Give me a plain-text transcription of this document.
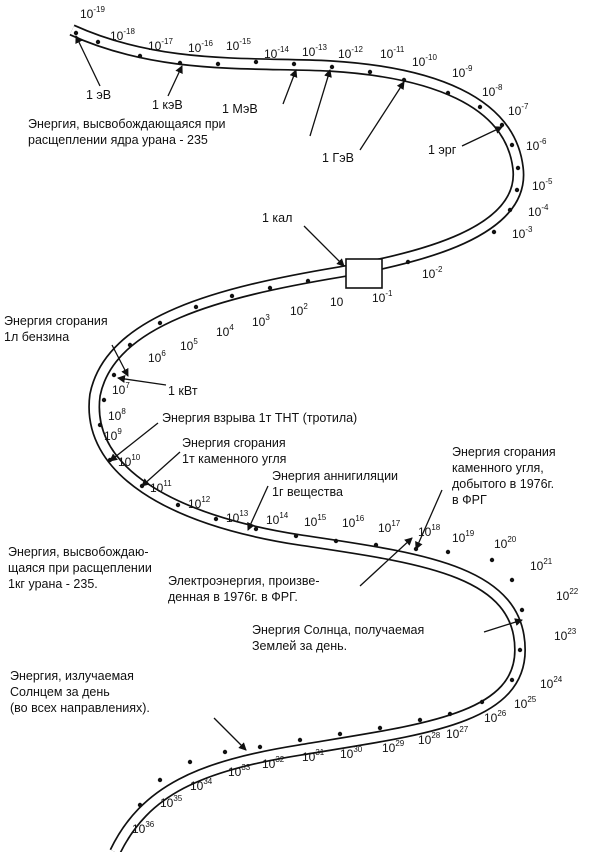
$10^{-19}$
$10^{-18}$
$10^{-17}$ $10^{-16}$ $10^{-15}$
$10^{-14}$ $10^{-13}$ $10^{-12}$ $10^{-11}$
$10^{-10}$
$10^{-9}$
$10^{-8}$
$10^{-7}$
$10^{-6}$
$10^{-5}$
$10^{-4}$
$10^{-3}$
$10^{-2}$
$10^{-1}$
10
$10^2$
$10^3$
$10^4$
$10^5$
$10^6$
$10^7$
$10^8$
$10^9$
$10^{10}$
$10^{11}$
$10^{12}$
$10^{13}$ $10^{14}$ $10^{15}$ $10^{16}$
$10^{17}$
$10^{18}$
$10^{19}$
$10^{20}$
$10^{21}$
$10^{22}$
$10^{23}$
$10^{24}$
$10^{25}$
$10^{26}$
$10^{27}$
$10^{28}$
$10^{29}$
$10^{30}$
$10^{31}$
$10^{32}$
$10^{33}$
$10^{34}$
$10^{35}$
$10^{36}$
1 эВ
1 кэВ	1 МэВ
Энергия, высвобождающаяся при
расщеплении ядра урана - 235
1 ГэВ
1 эрг
1 кал
Энергия сгорания
1л бензина
1 кВт
Энергия взрыва 1т ТНТ (тротила)
Энергия сгорания
1т каменного угля
Энергия аннигиляции
1г вещества
Энергия, высвобождаю-
щаяся при расщеплении
1кг урана - 235.
Энергия сгорания
каменного угля,
добытого в 1976г.
в ФРГ
Электроэнергия, произве-
денная в 1976г. в ФРГ.
Энергия Солнца, получаемая
Землей за день.
Энергия, излучаемая
Солнцем за день
(во всех направлениях).
